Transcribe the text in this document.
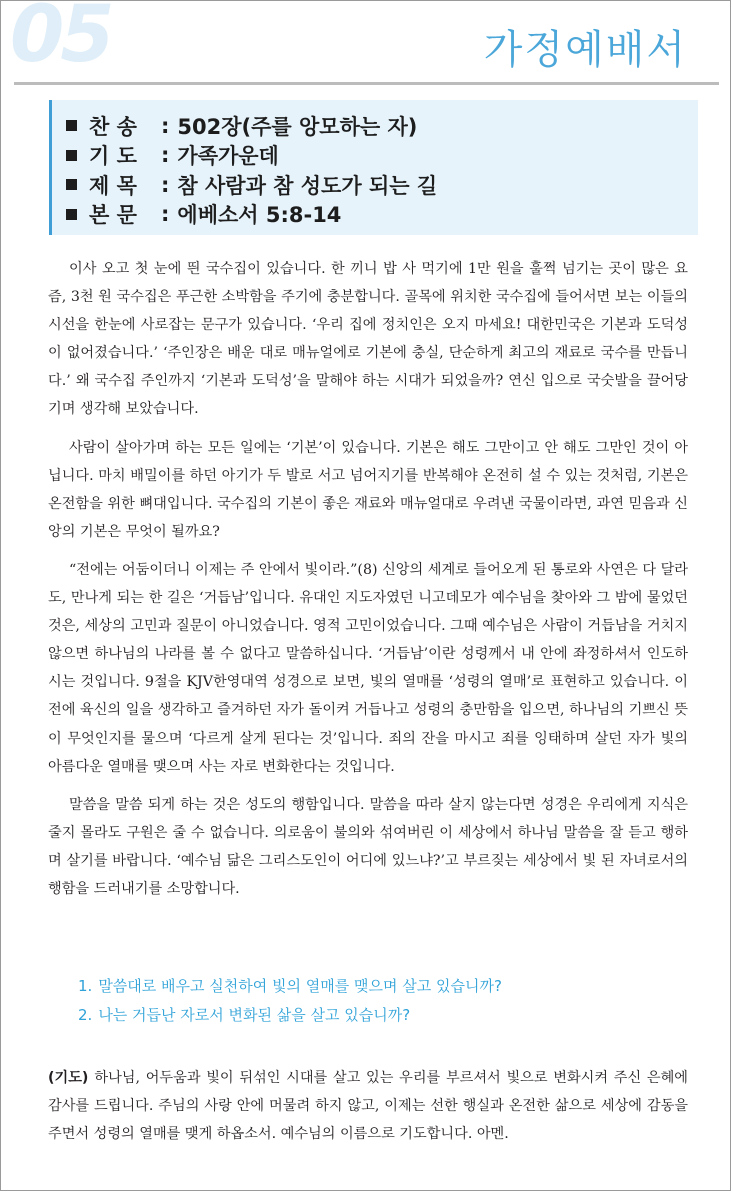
05	가정예배서
찬 송	: 502장(주를 앙모하는 자)
기 도	: 가족가운데
제 목	: 참 사람과 참 성도가 되는 길
본 문	: 에베소서 5:8-14

이사 오고 첫 눈에 띈 국수집이 있습니다. 한 끼니 밥 사 먹기에 1만 원을 훌쩍 넘기는 곳이 많은 요즘, 3천 원 국수집은 푸근한 소박함을 주기에 충분합니다. 골목에 위치한 국수집에 들어서면 보는 이들의 시선을 한눈에 사로잡는 문구가 있습니다. ‘우리 집에 정치인은 오지 마세요! 대한민국은 기본과 도덕성이 없어졌습니다.’ ‘주인장은 배운 대로 매뉴얼에로 기본에 충실, 단순하게 최고의 재료로 국수를 만듭니다.’ 왜 국수집 주인까지 ‘기본과 도덕성’을 말해야 하는 시대가 되었을까? 연신 입으로 국숫발을 끌어당기며 생각해 보았습니다.

사람이 살아가며 하는 모든 일에는 ‘기본’이 있습니다. 기본은 해도 그만이고 안 해도 그만인 것이 아닙니다. 마치 배밀이를 하던 아기가 두 발로 서고 넘어지기를 반복해야 온전히 설 수 있는 것처럼, 기본은 온전함을 위한 뼈대입니다. 국수집의 기본이 좋은 재료와 매뉴얼대로 우려낸 국물이라면, 과연 믿음과 신앙의 기본은 무엇이 될까요?

“전에는 어둠이더니 이제는 주 안에서 빛이라.”(8) 신앙의 세계로 들어오게 된 통로와 사연은 다 달라도, 만나게 되는 한 길은 ‘거듭남’입니다. 유대인 지도자였던 니고데모가 예수님을 찾아와 그 밤에 물었던 것은, 세상의 고민과 질문이 아니었습니다. 영적 고민이었습니다. 그때 예수님은 사람이 거듭남을 거치지 않으면 하나님의 나라를 볼 수 없다고 말씀하십니다. ‘거듭남’이란 성령께서 내 안에 좌정하셔서 인도하시는 것입니다. 9절을 KJV한영대역 성경으로 보면, 빛의 열매를 ‘성령의 열매’로 표현하고 있습니다. 이전에 육신의 일을 생각하고 즐겨하던 자가 돌이켜 거듭나고 성령의 충만함을 입으면, 하나님의 기쁘신 뜻이 무엇인지를 물으며 ‘다르게 살게 된다는 것’입니다. 죄의 잔을 마시고 죄를 잉태하며 살던 자가 빛의 아름다운 열매를 맺으며 사는 자로 변화한다는 것입니다.

말씀을 말씀 되게 하는 것은 성도의 행함입니다. 말씀을 따라 살지 않는다면 성경은 우리에게 지식은 줄지 몰라도 구원은 줄 수 없습니다. 의로움이 불의와 섞여버린 이 세상에서 하나님 말씀을 잘 듣고 행하며 살기를 바랍니다. ‘예수님 닮은 그리스도인이 어디에 있느냐?’고 부르짖는 세상에서 빛 된 자녀로서의 행함을 드러내기를 소망합니다.

1. 말씀대로 배우고 실천하여 빛의 열매를 맺으며 살고 있습니까?
2. 나는 거듭난 자로서 변화된 삶을 살고 있습니까?
(기도) 하나님, 어두움과 빛이 뒤섞인 시대를 살고 있는 우리를 부르셔서 빛으로 변화시켜 주신 은혜에 감사를 드립니다. 주님의 사랑 안에 머물려 하지 않고, 이제는 선한 행실과 온전한 삶으로 세상에 감동을 주면서 성령의 열매를 맺게 하옵소서. 예수님의 이름으로 기도합니다. 아멘.
